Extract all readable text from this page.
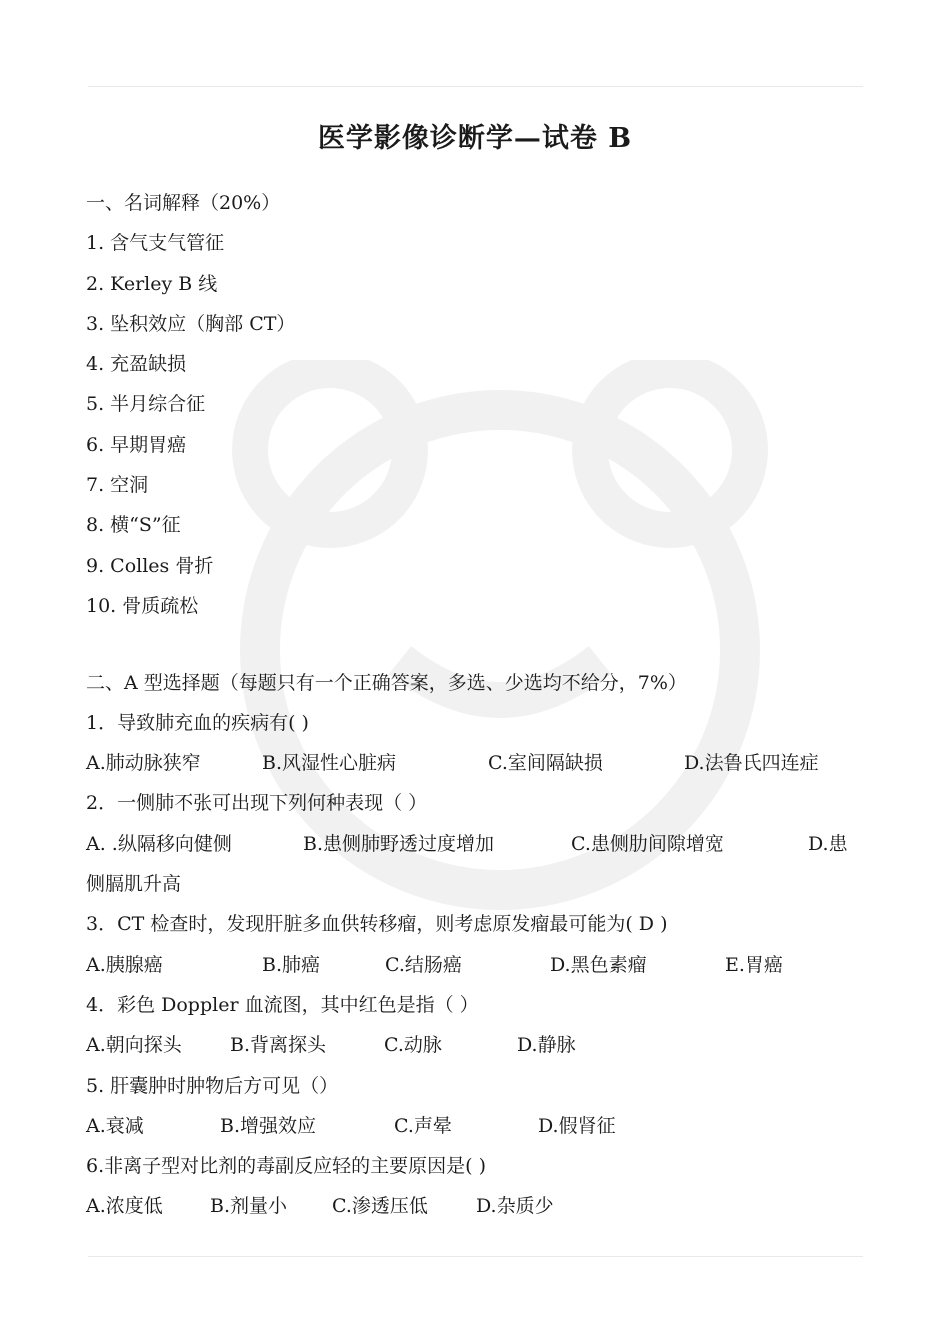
医学影像诊断学—试卷 B
一、名词解释（20%）
1. 含气支气管征
2. Kerley B 线
3. 坠积效应（胸部 CT）
4. 充盈缺损
5. 半月综合征
6. 早期胃癌
7. 空洞
8. 横“S”征
9. Colles 骨折
10. 骨质疏松
二、A 型选择题（每题只有一个正确答案，多选、少选均不给分，7%）
1．导致肺充血的疾病有( )
A.肺动脉狭窄	B.风湿性心脏病	C.室间隔缺损	D.法鲁氏四连症
2．一侧肺不张可出现下列何种表现（ ）
A. .纵隔移向健侧	B.患侧肺野透过度增加	C.患侧肋间隙增宽	D.患
侧膈肌升高
3．CT 检查时，发现肝脏多血供转移瘤，则考虑原发瘤最可能为( D )
A.胰腺癌	B.肺癌	C.结肠癌	D.黑色素瘤	E.胃癌
4．彩色 Doppler 血流图，其中红色是指（ ）
A.朝向探头	B.背离探头	C.动脉	D.静脉
5. 肝囊肿时肿物后方可见（）
A.衰减	B.增强效应	C.声晕	D.假肾征
6.非离子型对比剂的毒副反应轻的主要原因是( )
A.浓度低 B.剂量小 C.渗透压低	D.杂质少
